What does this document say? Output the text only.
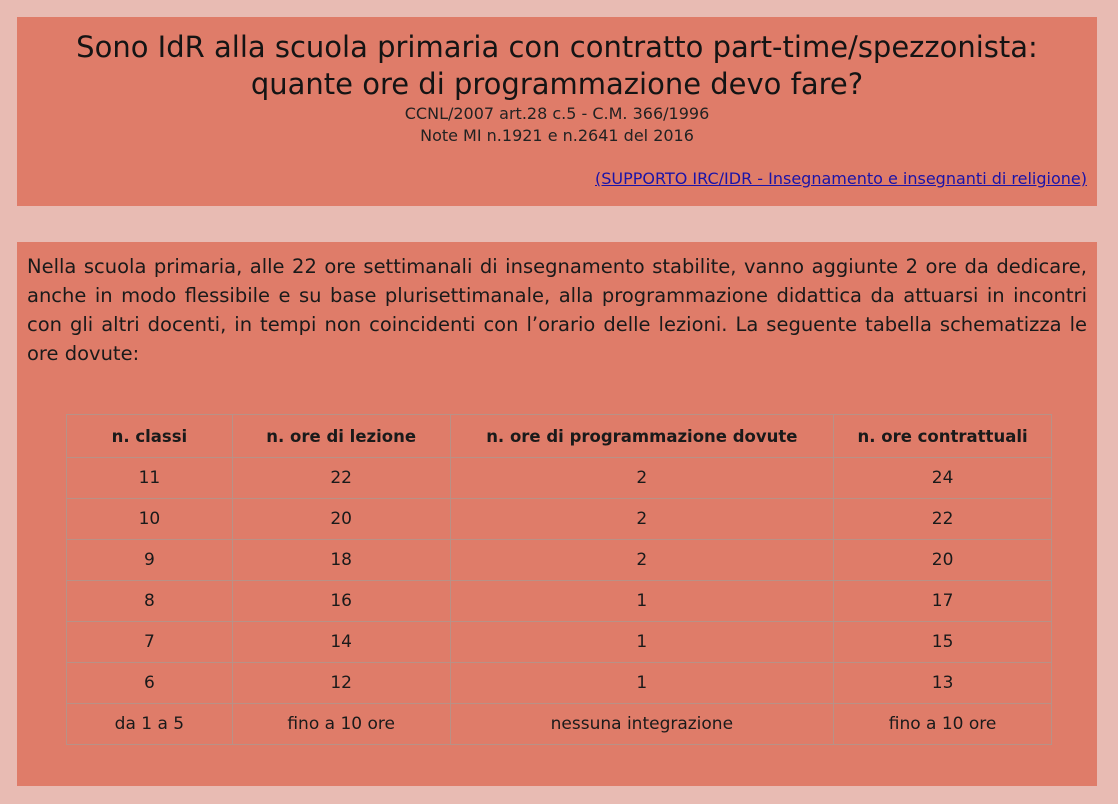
Sono IdR alla scuola primaria con contratto part-time/spezzonista:
quante ore di programmazione devo fare?
CCNL/2007 art.28 c.5 - C.M. 366/1996
Note MI n.1921 e n.2641 del 2016
(SUPPORTO IRC/IDR - Insegnamento e insegnanti di religione)

Nella scuola primaria, alle 22 ore settimanali di insegnamento stabilite, vanno aggiunte 2 ore da dedicare, anche in modo flessibile e su base plurisettimanale, alla programmazione didattica da attuarsi in incontri con gli altri docenti, in tempi non coincidenti con l’orario delle lezioni. La seguente tabella schematizza le ore dovute:

n. classi	n. ore di lezione	n. ore di programmazione dovute	n. ore contrattuali
11	22	2	24
10	20	2	22
9	18	2	20
8	16	1	17
7	14	1	15
6	12	1	13
da 1 a 5	fino a 10 ore	nessuna integrazione	fino a 10 ore
